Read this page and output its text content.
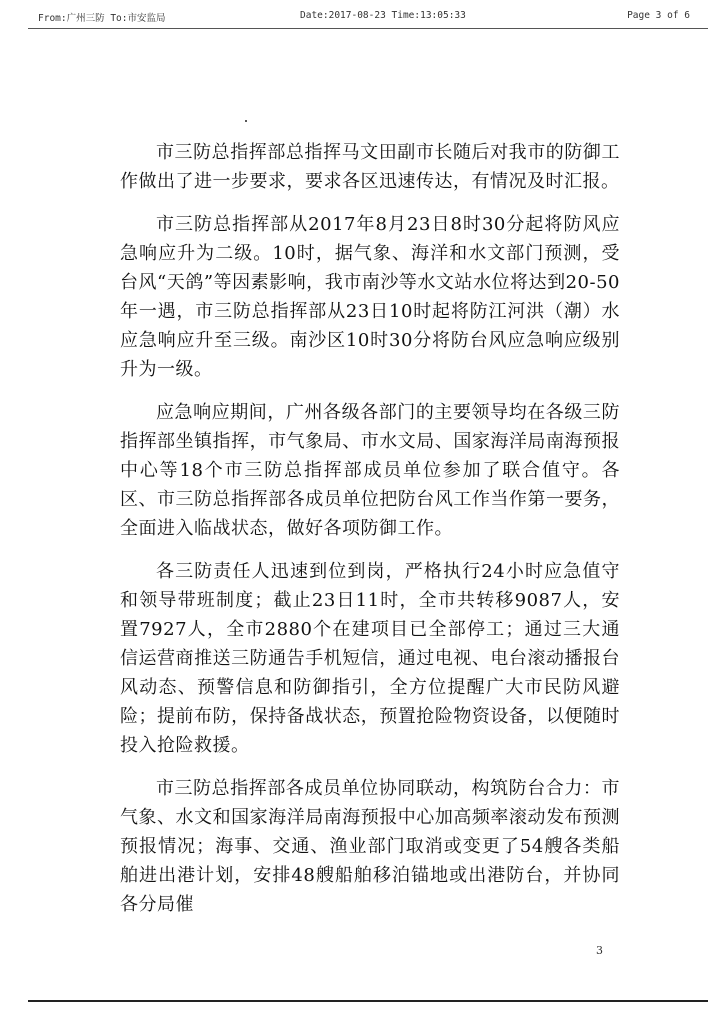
From:广州三防 To:市安监局	Date:2017-08-23 Time:13:05:33	Page 3 of 6

市三防总指挥部总指挥马文田副市长随后对我市的防御工作做出了进一步要求，要求各区迅速传达，有情况及时汇报。

市三防总指挥部从2017年8月23日8时30分起将防风应急响应升为二级。10时，据气象、海洋和水文部门预测，受台风“天鸽”等因素影响，我市南沙等水文站水位将达到20-50年一遇，市三防总指挥部从23日10时起将防江河洪（潮）水应急响应升至三级。南沙区10时30分将防台风应急响应级别升为一级。

应急响应期间，广州各级各部门的主要领导均在各级三防指挥部坐镇指挥，市气象局、市水文局、国家海洋局南海预报中心等18个市三防总指挥部成员单位参加了联合值守。各区、市三防总指挥部各成员单位把防台风工作当作第一要务，全面进入临战状态，做好各项防御工作。

各三防责任人迅速到位到岗，严格执行24小时应急值守和领导带班制度；截止23日11时，全市共转移9087人，安置7927人，全市2880个在建项目已全部停工；通过三大通信运营商推送三防通告手机短信，通过电视、电台滚动播报台风动态、预警信息和防御指引，全方位提醒广大市民防风避险；提前布防，保持备战状态，预置抢险物资设备，以便随时投入抢险救援。

市三防总指挥部各成员单位协同联动，构筑防台合力：市气象、水文和国家海洋局南海预报中心加高频率滚动发布预测预报情况；海事、交通、渔业部门取消或变更了54艘各类船舶进出港计划，安排48艘船舶移泊锚地或出港防台，并协同各分局催

3
